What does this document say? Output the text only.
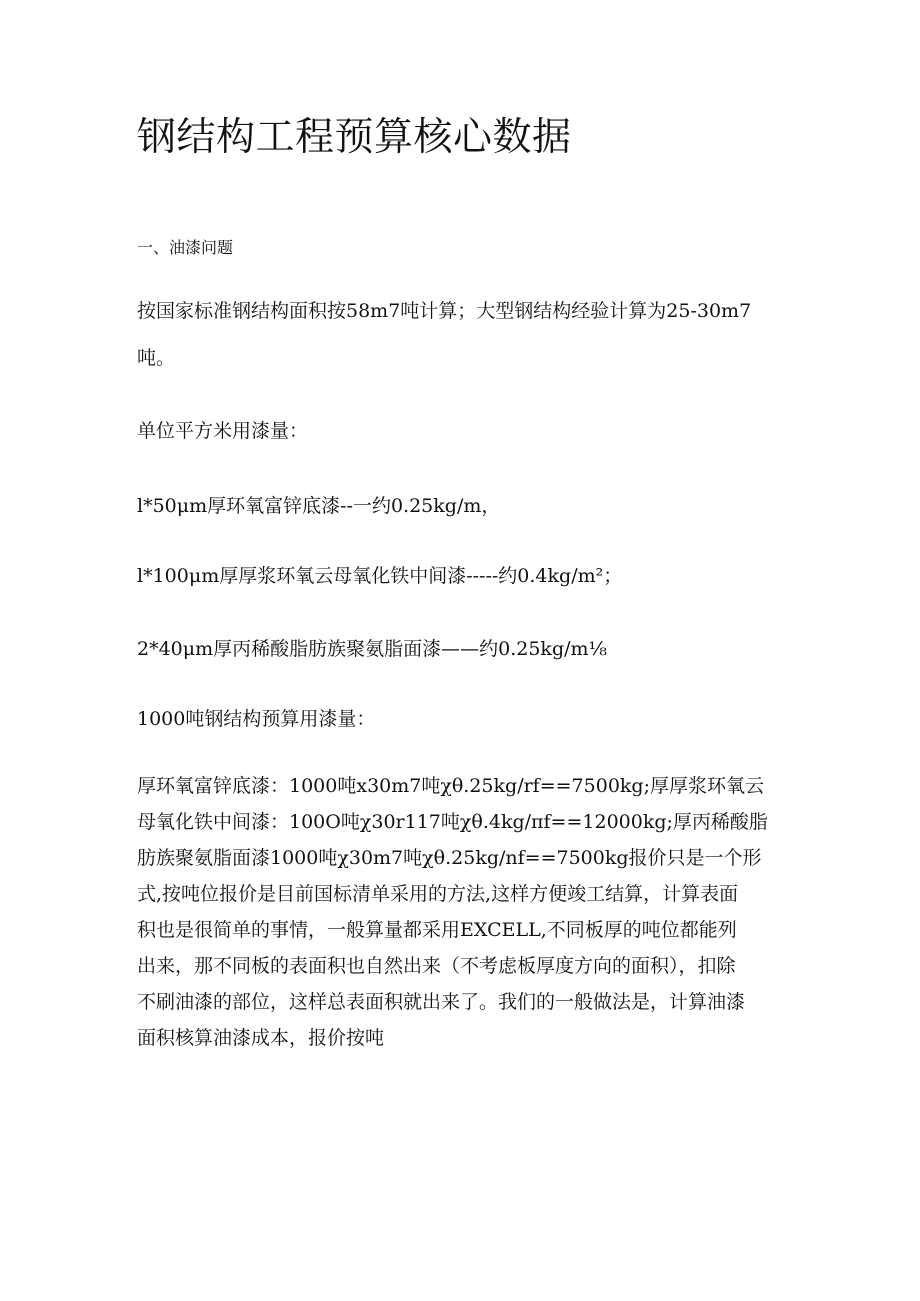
钢结构工程预算核心数据
一、油漆问题

按国家标准钢结构面积按58m7吨计算；大型钢结构经验计算为25-30m7

吨。

单位平方米用漆量：

l*50μm厚环氧富锌底漆--一约0.25kg/m，

l*100μm厚厚浆环氧云母氧化铁中间漆-----约0.4kg∕m²；

2*40μm厚丙稀酸脂肪族聚氨脂面漆——约0.25kg∕m⅛

1000吨钢结构预算用漆量：

厚环氧富锌底漆：1000吨x30m7吨χθ.25kg∕rf==7500kg;厚厚浆环氧云
母氧化铁中间漆：100O吨χ30r117吨χθ.4kg∕πf==12000kg;厚丙稀酸脂
肪族聚氨脂面漆1000吨χ30m7吨χθ.25kg/nf==7500kg报价只是一个形
式,按吨位报价是目前国标清单采用的方法,这样方便竣工结算，计算表面
积也是很简单的事情，一般算量都采用EXCELL,不同板厚的吨位都能列
出来，那不同板的表面积也自然出来（不考虑板厚度方向的面积），扣除
不刷油漆的部位，这样总表面积就出来了。我们的一般做法是，计算油漆
面积核算油漆成本，报价按吨
